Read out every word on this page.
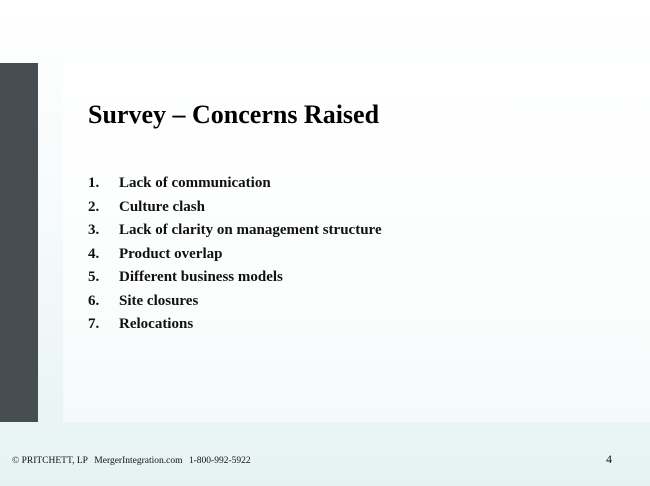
Survey – Concerns Raised
1. Lack of communication
2. Culture clash
3. Lack of clarity on management structure
4. Product overlap
5. Different business models
6. Site closures
7. Relocations
© PRITCHETT, LP MergerIntegration.com 1-800-992-5922	4
